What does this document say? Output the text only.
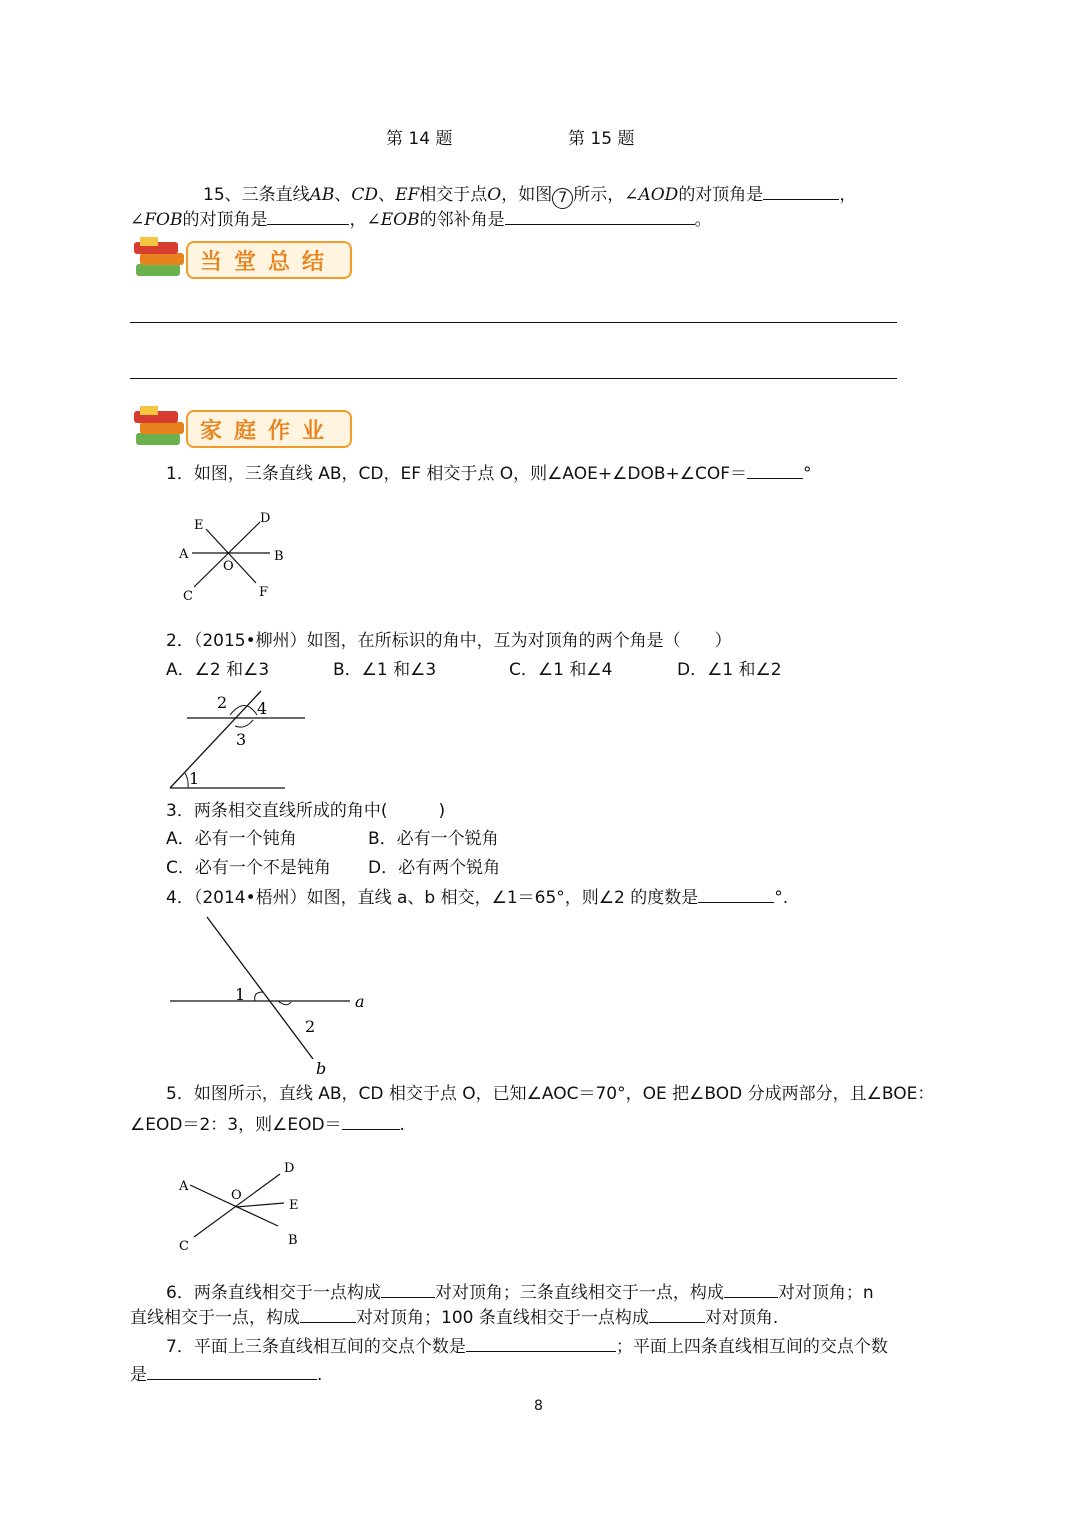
第 14 题	第 15 题
15、三条直线AB、CD、EF相交于点O，如图 7 所示，∠AOD的对顶角是	，
∠FOB的对顶角是	，∠EOB的邻补角是	。
当堂总结
家庭作业
1．如图，三条直线 AB，CD，EF 相交于点 O，则∠AOE+∠DOB+∠COF＝	°
E	D
A	B
O
C	F
2．（2015•柳州）如图，在所标识的角中，互为对顶角的两个角是（　　）
A．∠2 和∠3	B．∠1 和∠3	C．∠1 和∠4	D．∠1 和∠2
2 4
3
1
3．两条相交直线所成的角中(　　　)
A．必有一个钝角	B．必有一个锐角
C．必有一个不是钝角 D．必有两个锐角
4．（2014•梧州）如图，直线 a、b 相交，∠1＝65°，则∠2 的度数是	°.
1	a
2
b
5．如图所示，直线 AB，CD 相交于点 O，已知∠AOC＝70°，OE 把∠BOD 分成两部分，且∠BOE：
∠EOD＝2：3，则∠EOD＝	.
D
A
O
E
C	B
6．两条直线相交于一点构成	对对顶角；三条直线相交于一点，构成	对对顶角；n
直线相交于一点，构成	对对顶角；100 条直线相交于一点构成	对对顶角.
7．平面上三条直线相互间的交点个数是	；平面上四条直线相互间的交点个数
是	.
8
